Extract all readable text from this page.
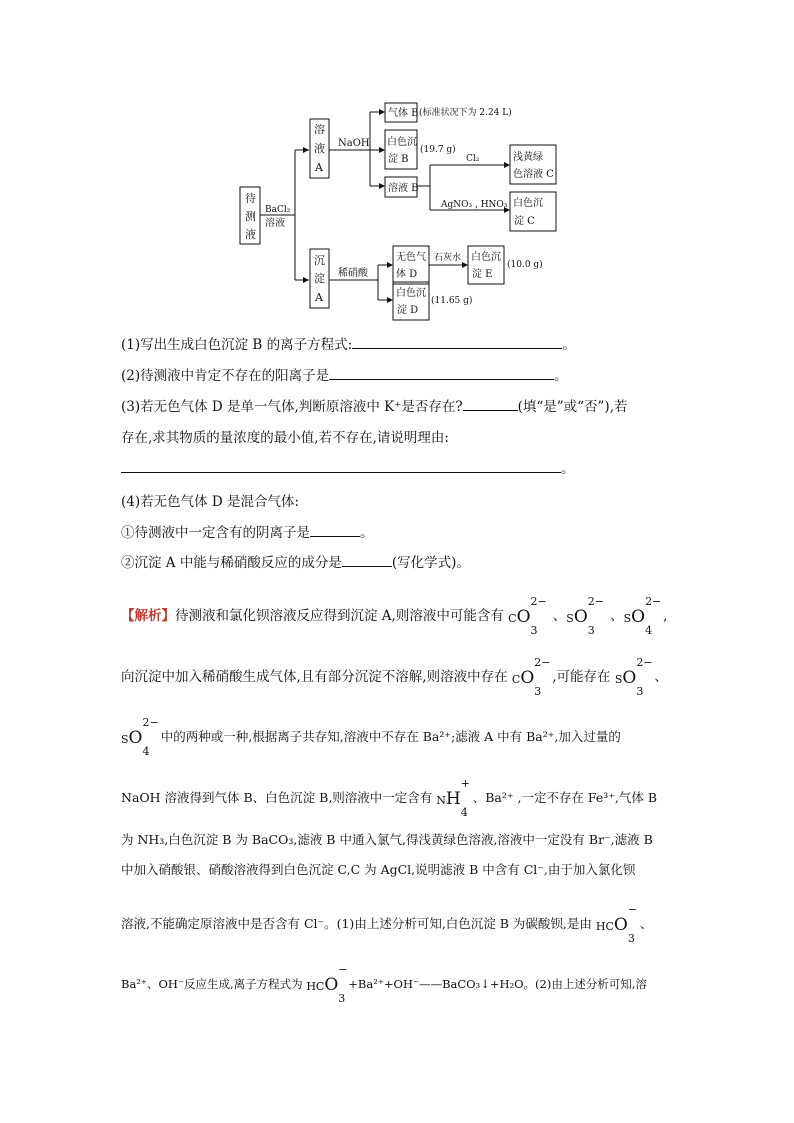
待
测
液
BaCl₂
溶液
溶
液
A
沉
淀
A
NaOH
气体 B (标准状况下为 2.24 L)
白色沉
淀 B
(19.7 g)
溶液 B
Cl₂	浅黄绿
色溶液 C
AgNO₃ , HNO₃ 白色沉
淀 C
稀硝酸
无色气
体 D
石灰水 白色沉
淀 E
(10.0 g)
白色沉
淀 D
(11.65 g)
(1)写出生成白色沉淀 B 的离子方程式:	。
(2)待测液中肯定不存在的阳离子是	。
(3)若无色气体 D 是单一气体,判断原溶液中 K⁺是否存在?	(填“是”或“否”),若
存在,求其物质的量浓度的最小值,若不存在,请说明理由:
。
(4)若无色气体 D 是混合气体:
①待测液中一定含有的阴离子是	。
②沉淀 A 中能与稀硝酸反应的成分是	(写化学式)。
【解析】待测液和氯化钡溶液反应得到沉淀 A,则溶液中可能含有 CO
2−
3
、SO
2−
3
、SO
2−
4
,
向沉淀中加入稀硝酸生成气体,且有部分沉淀不溶解,则溶液中存在 CO
2−
3
,可能存在 SO
2−
3
、
SO
2−
4
中的两种或一种,根据离子共存知,溶液中不存在 Ba²⁺;滤液 A 中有 Ba²⁺,加入过量的
NaOH 溶液得到气体 B、白色沉淀 B,则溶液中一定含有 NH
+
4
、Ba²⁺ ,一定不存在 Fe³⁺,气体 B
为 NH₃,白色沉淀 B 为 BaCO₃,滤液 B 中通入氯气,得浅黄绿色溶液,溶液中一定没有 Br⁻,滤液 B
中加入硝酸银、硝酸溶液得到白色沉淀 C,C 为 AgCl,说明滤液 B 中含有 Cl⁻,由于加入氯化钡
溶液,不能确定原溶液中是否含有 Cl⁻。(1)由上述分析可知,白色沉淀 B 为碳酸钡,是由 HCO
−
3
、
Ba²⁺、OH⁻反应生成,离子方程式为 HCO
−
3
+Ba²⁺+OH⁻——BaCO₃↓+H₂O。(2)由上述分析可知,溶
